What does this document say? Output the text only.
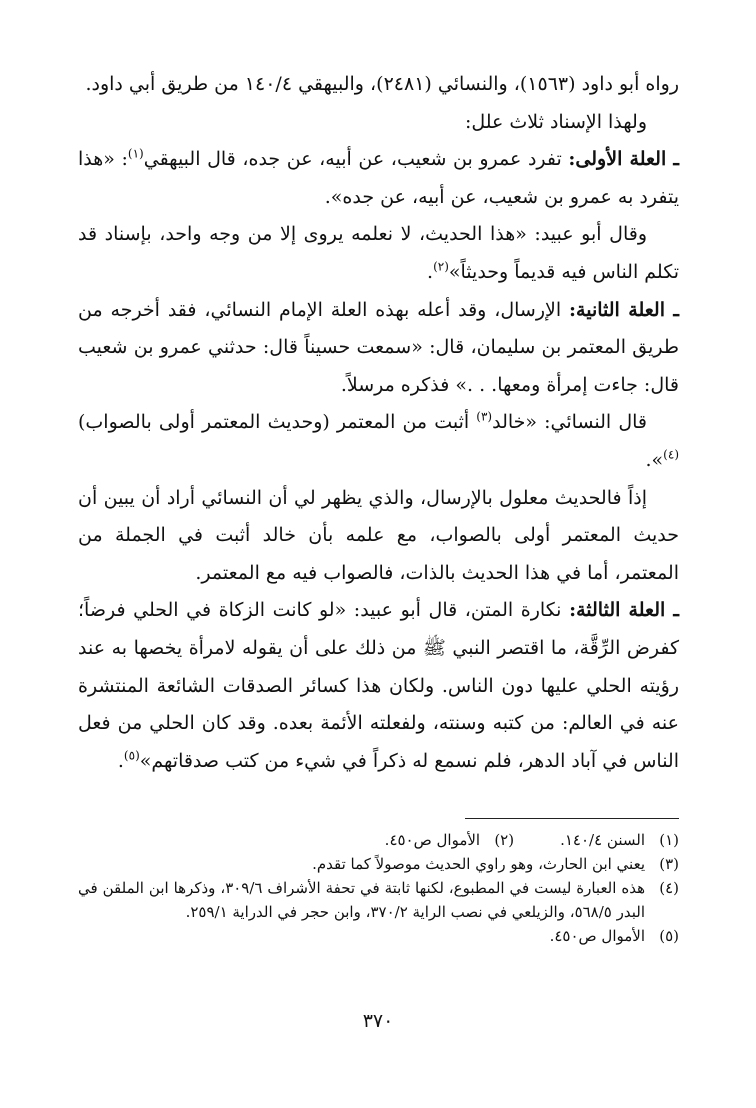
رواه أبو داود (١٥٦٣)، والنسائي (٢٤٨١)، والبيهقي ١٤٠/٤ من طريق أبي داود.

ولهذا الإسناد ثلاث علل:

ـ العلة الأولى: تفرد عمرو بن شعيب، عن أبيه، عن جده، قال البيهقي$^{(١)}$: «هذا يتفرد به عمرو بن شعيب، عن أبيه، عن جده».

وقال أبو عبيد: «هذا الحديث، لا نعلمه يروى إلا من وجه واحد، بإسناد قد تكلم الناس فيه قديماً وحديثاً»$^{(٢)}$.

ـ العلة الثانية: الإرسال، وقد أعله بهذه العلة الإمام النسائي، فقد أخرجه من طريق المعتمر بن سليمان، قال: «سمعت حسيناً قال: حدثني عمرو بن شعيب قال: جاءت إمرأة ومعها. . .» فذكره مرسلاً.

قال النسائي: «خالد$^{(٣)}$ أثبت من المعتمر (وحديث المعتمر أولى بالصواب)$^{(٤)}$».

إذاً فالحديث معلول بالإرسال، والذي يظهر لي أن النسائي أراد أن يبين أن حديث المعتمر أولى بالصواب، مع علمه بأن خالد أثبت في الجملة من المعتمر، أما في هذا الحديث بالذات، فالصواب فيه مع المعتمر.

ـ العلة الثالثة: نكارة المتن، قال أبو عبيد: «لو كانت الزكاة في الحلي فرضاً؛ كفرض الرِّقَّة، ما اقتصر النبي ﷺ من ذلك على أن يقوله لامرأة يخصها به عند رؤيته الحلي عليها دون الناس. ولكان هذا كسائر الصدقات الشائعة المنتشرة عنه في العالم: من كتبه وسنته، ولفعلته الأئمة بعده. وقد كان الحلي من فعل الناس في آباد الدهر، فلم نسمع له ذكراً في شيء من كتب صدقاتهم»$^{(٥)}$.

(١)
السنن ١٤٠/٤.
(٢)
الأموال ص٤٥٠.
(٣)
يعني ابن الحارث، وهو راوي الحديث موصولاً كما تقدم.
(٤)
هذه العبارة ليست في المطبوع، لكنها ثابتة في تحفة الأشراف ٣٠٩/٦، وذكرها ابن الملقن في البدر ٥٦٨/٥، والزيلعي في نصب الراية ٣٧٠/٢، وابن حجر في الدراية ٢٥٩/١.
(٥)
الأموال ص٤٥٠.
٣٧٠
